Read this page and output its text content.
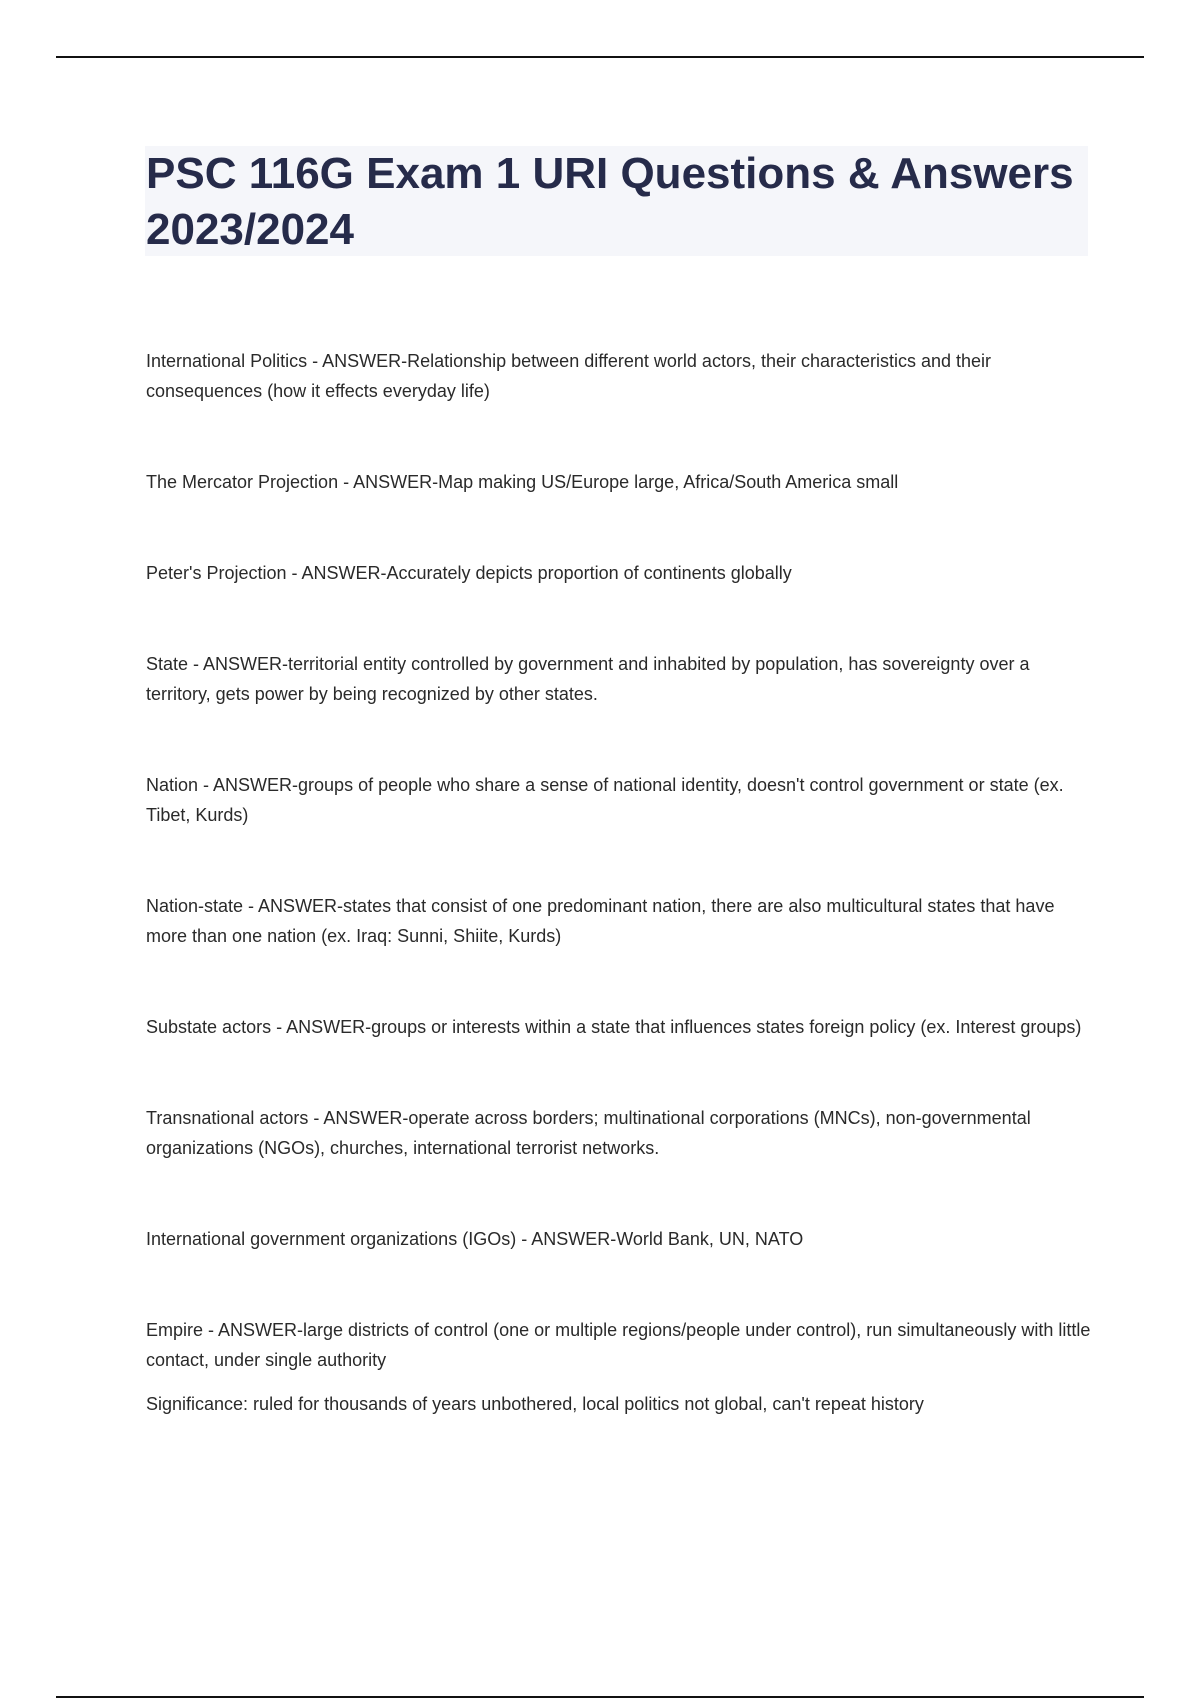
PSC 116G Exam 1 URI Questions & Answers 2023/2024

International Politics - ANSWER-Relationship between different world actors, their characteristics and their consequences (how it effects everyday life)

The Mercator Projection - ANSWER-Map making US/Europe large, Africa/South America small

Peter's Projection - ANSWER-Accurately depicts proportion of continents globally

State - ANSWER-territorial entity controlled by government and inhabited by population, has sovereignty over a territory, gets power by being recognized by other states.

Nation - ANSWER-groups of people who share a sense of national identity, doesn't control government or state (ex. Tibet, Kurds)

Nation-state - ANSWER-states that consist of one predominant nation, there are also multicultural states that have more than one nation (ex. Iraq: Sunni, Shiite, Kurds)

Substate actors - ANSWER-groups or interests within a state that influences states foreign policy (ex. Interest groups)

Transnational actors - ANSWER-operate across borders; multinational corporations (MNCs), non-governmental organizations (NGOs), churches, international terrorist networks.

International government organizations (IGOs) - ANSWER-World Bank, UN, NATO

Empire - ANSWER-large districts of control (one or multiple regions/people under control), run simultaneously with little contact, under single authority

Significance: ruled for thousands of years unbothered, local politics not global, can't repeat history
